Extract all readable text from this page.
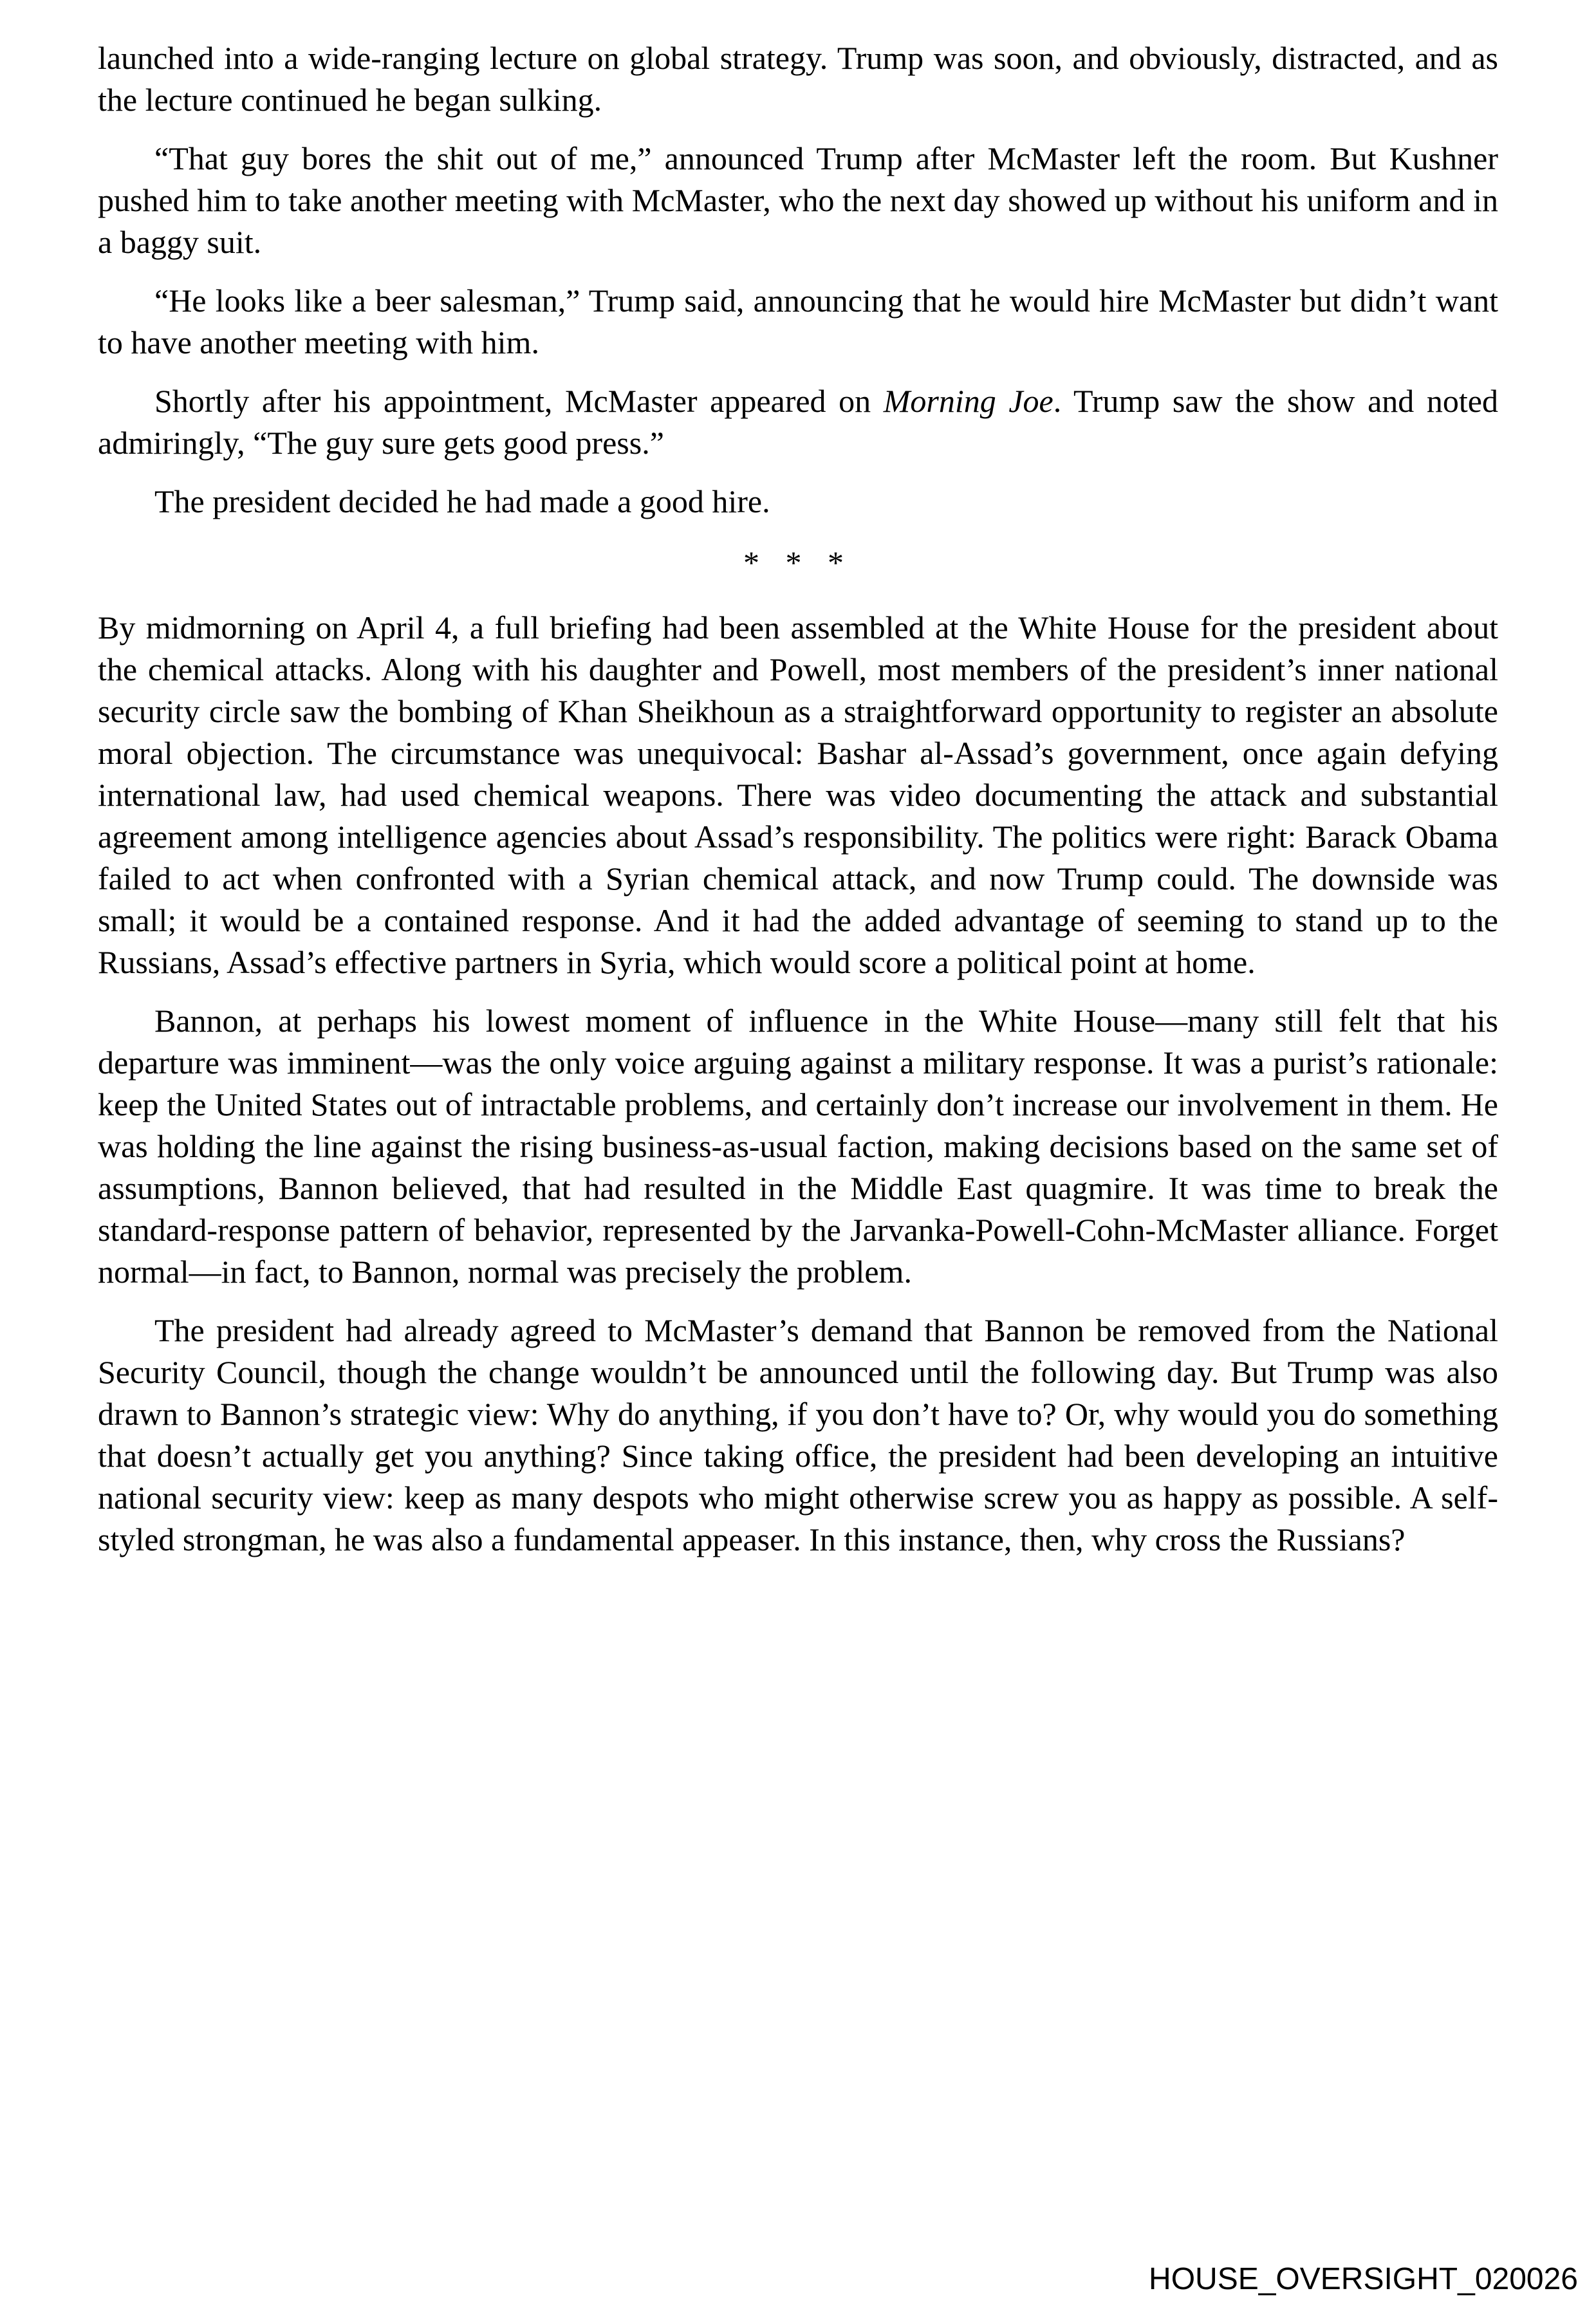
launched into a wide-ranging lecture on global strategy. Trump was soon, and obviously, distracted, and as the lecture continued he began sulking.

“That guy bores the shit out of me,” announced Trump after McMaster left the room. But Kushner pushed him to take another meeting with McMaster, who the next day showed up without his uniform and in a baggy suit.

“He looks like a beer salesman,” Trump said, announcing that he would hire McMaster but didn’t want to have another meeting with him.

Shortly after his appointment, McMaster appeared on Morning Joe. Trump saw the show and noted admiringly, “The guy sure gets good press.”

The president decided he had made a good hire.

* * *

By midmorning on April 4, a full briefing had been assembled at the White House for the president about the chemical attacks. Along with his daughter and Powell, most members of the president’s inner national security circle saw the bombing of Khan Sheikhoun as a straightforward opportunity to register an absolute moral objection. The circumstance was unequivocal: Bashar al-Assad’s government, once again defying international law, had used chemical weapons. There was video documenting the attack and substantial agreement among intelligence agencies about Assad’s responsibility. The politics were right: Barack Obama failed to act when confronted with a Syrian chemical attack, and now Trump could. The downside was small; it would be a contained response. And it had the added advantage of seeming to stand up to the Russians, Assad’s effective partners in Syria, which would score a political point at home.

Bannon, at perhaps his lowest moment of influence in the White House—many still felt that his departure was imminent—was the only voice arguing against a military response. It was a purist’s rationale: keep the United States out of intractable problems, and certainly don’t increase our involvement in them. He was holding the line against the rising business-as-usual faction, making decisions based on the same set of assumptions, Bannon believed, that had resulted in the Middle East quagmire. It was time to break the standard-response pattern of behavior, represented by the Jarvanka-Powell-Cohn-McMaster alliance. Forget normal—in fact, to Bannon, normal was precisely the problem.

The president had already agreed to McMaster’s demand that Bannon be removed from the National Security Council, though the change wouldn’t be announced until the following day. But Trump was also drawn to Bannon’s strategic view: Why do anything, if you don’t have to? Or, why would you do something that doesn’t actually get you anything? Since taking office, the president had been developing an intuitive national security view: keep as many despots who might otherwise screw you as happy as possible. A self-styled strongman, he was also a fundamental appeaser. In this instance, then, why cross the Russians?

HOUSE_OVERSIGHT_020026
